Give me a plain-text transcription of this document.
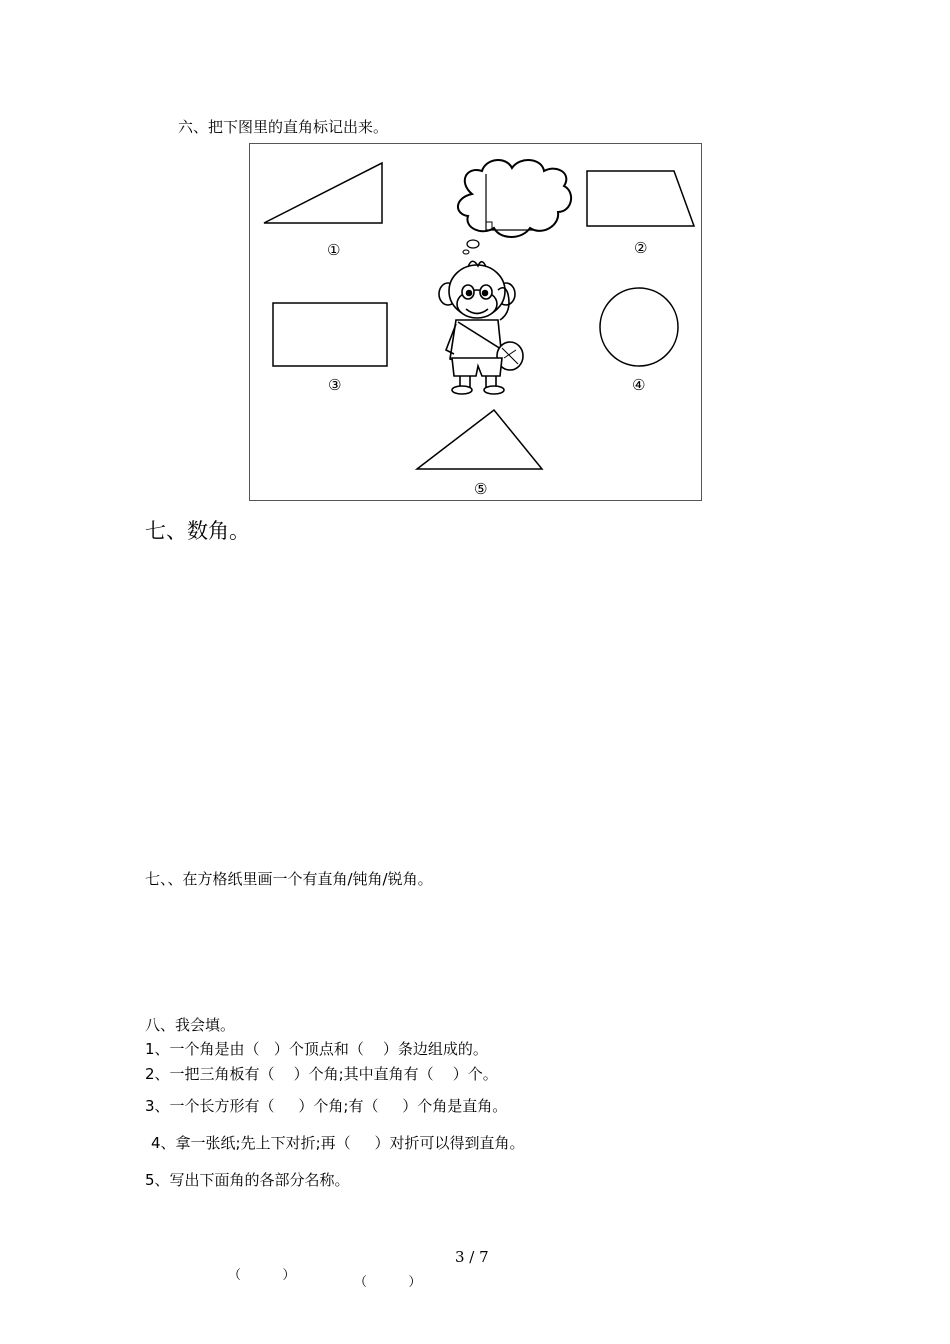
六、把下图里的直角标记出来。
①	②
③	④
⑤
七、数角。
七、、在方格纸里画一个有直角/钝角/锐角。
八、我会填。
1、一个角是由（   ）个顶点和（    ）条边组成的。
2、一把三角板有（    ）个角;其中直角有（    ）个。
3、一个长方形有（     ）个角;有（     ）个角是直角。
4、拿一张纸;先上下对折;再（     ）对折可以得到直角。
5、写出下面角的各部分名称。
3 / 7
（          ）	（          ）
